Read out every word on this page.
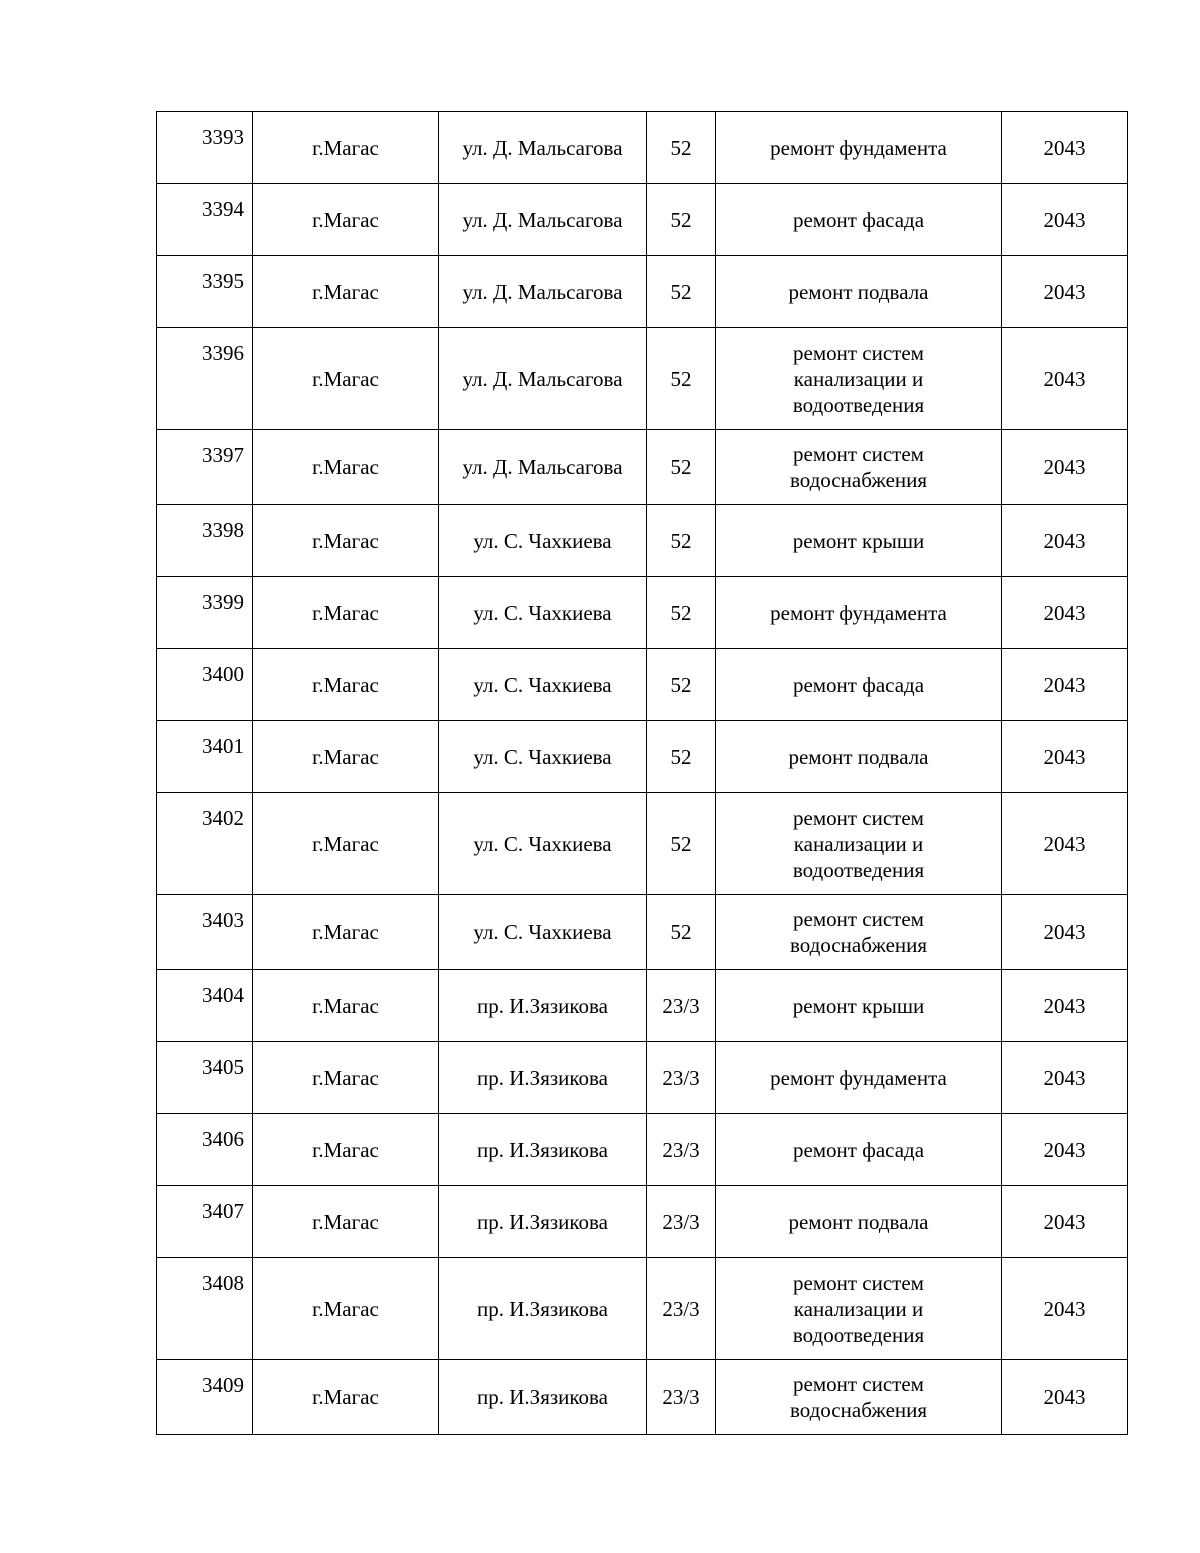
3393	г.Магас	ул. Д. Мальсагова	52	ремонт фундамента	2043
3394	г.Магас	ул. Д. Мальсагова	52	ремонт фасада	2043
3395	г.Магас	ул. Д. Мальсагова	52	ремонт подвала	2043
3396	г.Магас	ул. Д. Мальсагова	52	ремонт систем
канализации и
водоотведения	2043
3397	г.Магас	ул. Д. Мальсагова	52	ремонт систем
водоснабжения	2043
3398	г.Магас	ул. С. Чахкиева	52	ремонт крыши	2043
3399	г.Магас	ул. С. Чахкиева	52	ремонт фундамента	2043
3400	г.Магас	ул. С. Чахкиева	52	ремонт фасада	2043
3401	г.Магас	ул. С. Чахкиева	52	ремонт подвала	2043
3402	г.Магас	ул. С. Чахкиева	52	ремонт систем
канализации и
водоотведения	2043
3403	г.Магас	ул. С. Чахкиева	52	ремонт систем
водоснабжения	2043
3404	г.Магас	пр. И.Зязикова	23/3	ремонт крыши	2043
3405	г.Магас	пр. И.Зязикова	23/3	ремонт фундамента	2043
3406	г.Магас	пр. И.Зязикова	23/3	ремонт фасада	2043
3407	г.Магас	пр. И.Зязикова	23/3	ремонт подвала	2043
3408	г.Магас	пр. И.Зязикова	23/3	ремонт систем
канализации и
водоотведения	2043
3409	г.Магас	пр. И.Зязикова	23/3	ремонт систем
водоснабжения	2043
